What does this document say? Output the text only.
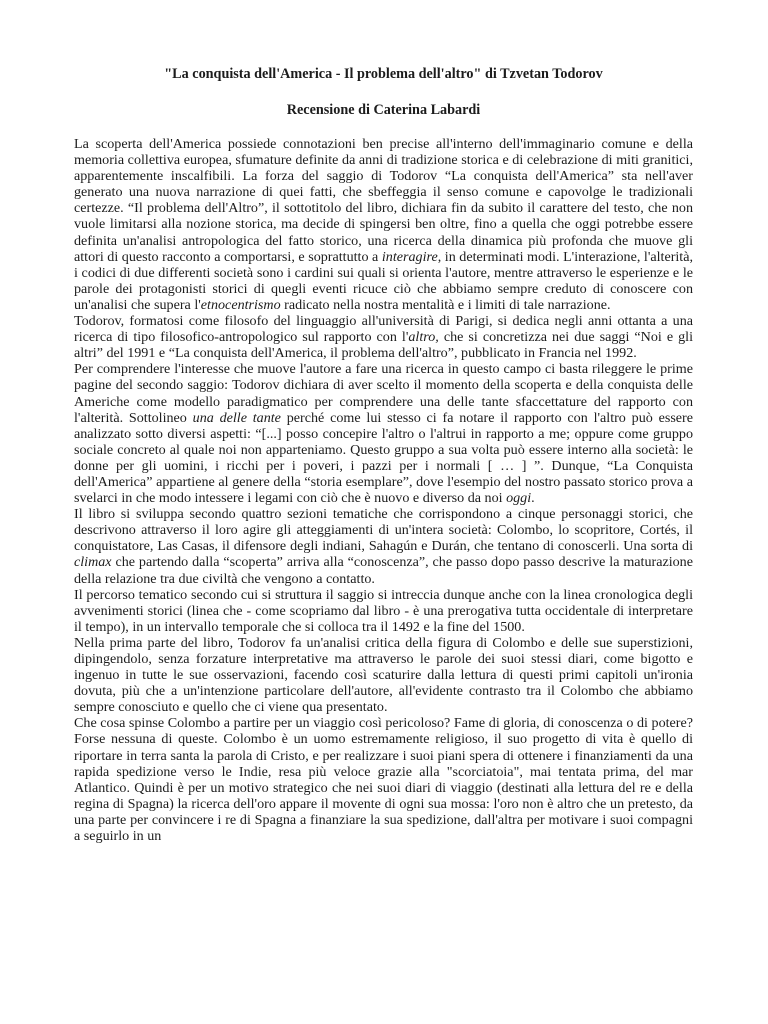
"La conquista dell'America - Il problema dell'altro" di Tzvetan Todorov
Recensione di Caterina Labardi

La scoperta dell'America possiede connotazioni ben precise all'interno dell'immaginario comune e della memoria collettiva europea, sfumature definite da anni di tradizione storica e di celebrazione di miti granitici, apparentemente inscalfibili. La forza del saggio di Todorov “La conquista dell'America” sta nell'aver generato una nuova narrazione di quei fatti, che sbeffeggia il senso comune e capovolge le tradizionali certezze. “Il problema dell'Altro”, il sottotitolo del libro, dichiara fin da subito il carattere del testo, che non vuole limitarsi alla nozione storica, ma decide di spingersi ben oltre, fino a quella che oggi potrebbe essere definita un'analisi antropologica del fatto storico, una ricerca della dinamica più profonda che muove gli attori di questo racconto a comportarsi, e soprattutto a interagire, in determinati modi. L'interazione, l'alterità, i codici di due differenti società sono i cardini sui quali si orienta l'autore, mentre attraverso le esperienze e le parole dei protagonisti storici di quegli eventi ricuce ciò che abbiamo sempre creduto di conoscere con un'analisi che supera l'etnocentrismo radicato nella nostra mentalità e i limiti di tale narrazione.

Todorov, formatosi come filosofo del linguaggio all'università di Parigi, si dedica negli anni ottanta a una ricerca di tipo filosofico-antropologico sul rapporto con l'altro, che si concretizza nei due saggi “Noi e gli altri” del 1991 e “La conquista dell'America, il problema dell'altro”, pubblicato in Francia nel 1992.

Per comprendere l'interesse che muove l'autore a fare una ricerca in questo campo ci basta rileggere le prime pagine del secondo saggio: Todorov dichiara di aver scelto il momento della scoperta e della conquista delle Americhe come modello paradigmatico per comprendere una delle tante sfaccettature del rapporto con l'alterità. Sottolineo una delle tante perché come lui stesso ci fa notare il rapporto con l'altro può essere analizzato sotto diversi aspetti: “[...] posso concepire l'altro o l'altrui in rapporto a me; oppure come gruppo sociale concreto al quale noi non apparteniamo. Questo gruppo a sua volta può essere interno alla società: le donne per gli uomini, i ricchi per i poveri, i pazzi per i normali [ … ] ”. Dunque, “La Conquista dell'America” appartiene al genere della “storia esemplare”, dove l'esempio del nostro passato storico prova a svelarci in che modo intessere i legami con ciò che è nuovo e diverso da noi oggi.

Il libro si sviluppa secondo quattro sezioni tematiche che corrispondono a cinque personaggi storici, che descrivono attraverso il loro agire gli atteggiamenti di un'intera società: Colombo, lo scopritore, Cortés, il conquistatore, Las Casas, il difensore degli indiani, Sahagún e Durán, che tentano di conoscerli. Una sorta di climax che partendo dalla “scoperta” arriva alla “conoscenza”, che passo dopo passo descrive la maturazione della relazione tra due civiltà che vengono a contatto.

Il percorso tematico secondo cui si struttura il saggio si intreccia dunque anche con la linea cronologica degli avvenimenti storici (linea che - come scopriamo dal libro - è una prerogativa tutta occidentale di interpretare il tempo), in un intervallo temporale che si colloca tra il 1492 e la fine del 1500.

Nella prima parte del libro, Todorov fa un'analisi critica della figura di Colombo e delle sue superstizioni, dipingendolo, senza forzature interpretative ma attraverso le parole dei suoi stessi diari, come bigotto e ingenuo in tutte le sue osservazioni, facendo così scaturire dalla lettura di questi primi capitoli un'ironia dovuta, più che a un'intenzione particolare dell'autore, all'evidente contrasto tra il Colombo che abbiamo sempre conosciuto e quello che ci viene qua presentato.

Che cosa spinse Colombo a partire per un viaggio così pericoloso? Fame di gloria, di conoscenza o di potere? Forse nessuna di queste. Colombo è un uomo estremamente religioso, il suo progetto di vita è quello di riportare in terra santa la parola di Cristo, e per realizzare i suoi piani spera di ottenere i finanziamenti da una rapida spedizione verso le Indie, resa più veloce grazie alla "scorciatoia", mai tentata prima, del mar Atlantico. Quindi è per un motivo strategico che nei suoi diari di viaggio (destinati alla lettura del re e della regina di Spagna) la ricerca dell'oro appare il movente di ogni sua mossa: l'oro non è altro che un pretesto, da una parte per convincere i re di Spagna a finanziare la sua spedizione, dall'altra per motivare i suoi compagni a seguirlo in un
